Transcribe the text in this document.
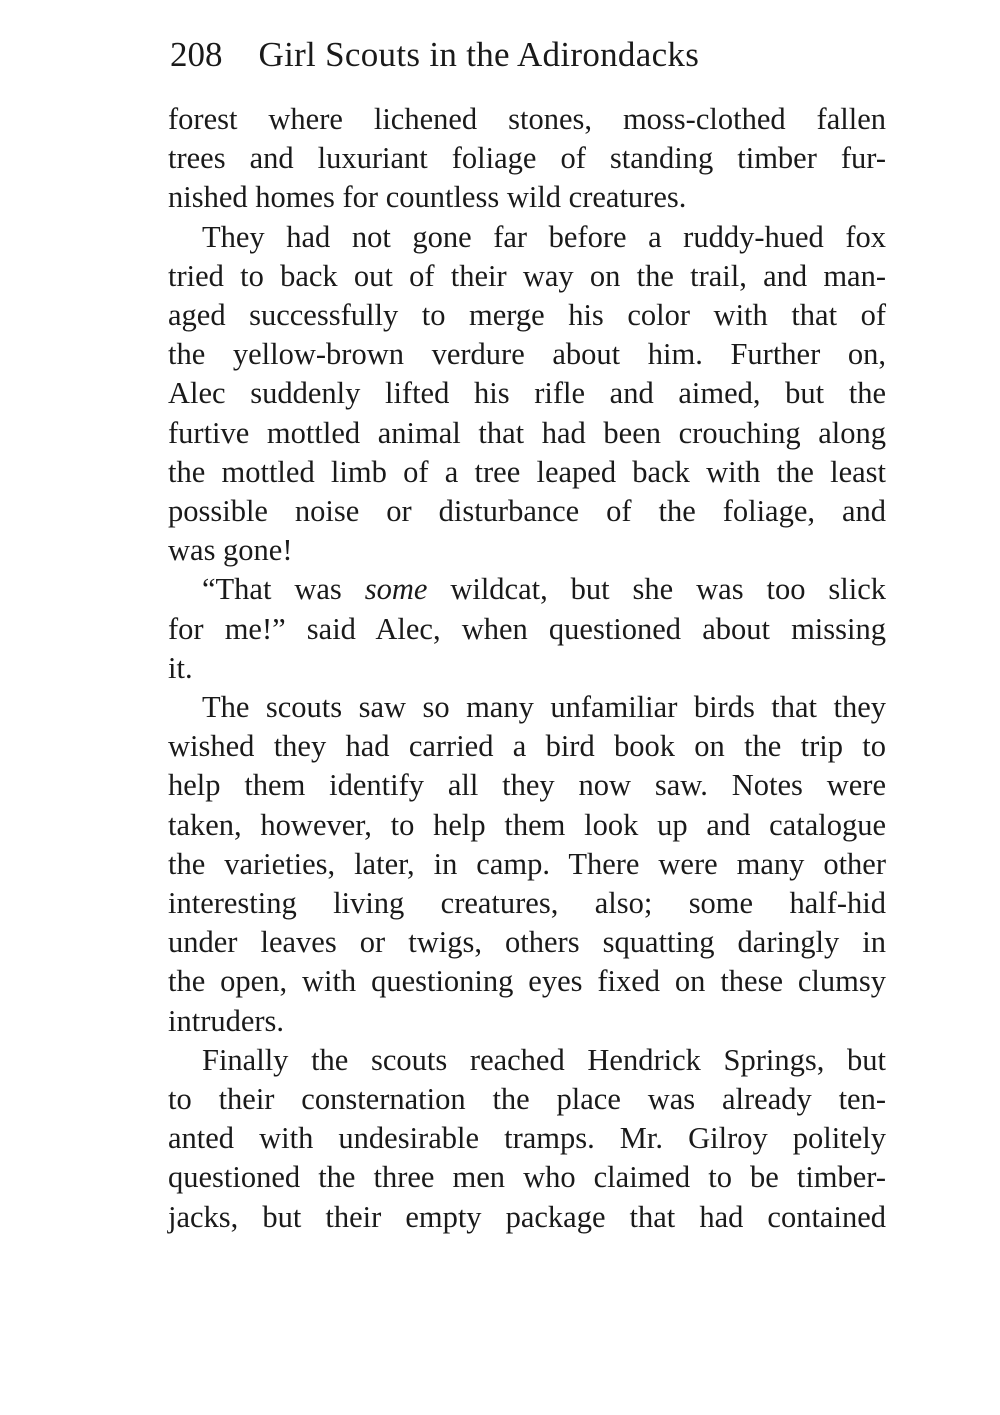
208 Girl Scouts in the Adirondacks

forest where lichened stones, moss-clothed fallen
trees and luxuriant foliage of standing timber fur-
nished homes for countless wild creatures.

They had not gone far before a ruddy-hued fox
tried to back out of their way on the trail, and man-
aged successfully to merge his color with that of
the yellow-brown verdure about him. Further on,
Alec suddenly lifted his rifle and aimed, but the
furtive mottled animal that had been crouching along
the mottled limb of a tree leaped back with the least
possible noise or disturbance of the foliage, and
was gone!

“That was some wildcat, but she was too slick
for me!” said Alec, when questioned about missing
it.

The scouts saw so many unfamiliar birds that they
wished they had carried a bird book on the trip to
help them identify all they now saw. Notes were
taken, however, to help them look up and catalogue
the varieties, later, in camp. There were many other
interesting living creatures, also; some half-hid
under leaves or twigs, others squatting daringly in
the open, with questioning eyes fixed on these clumsy
intruders.

Finally the scouts reached Hendrick Springs, but
to their consternation the place was already ten-
anted with undesirable tramps. Mr. Gilroy politely
questioned the three men who claimed to be timber-
jacks, but their empty package that had contained
